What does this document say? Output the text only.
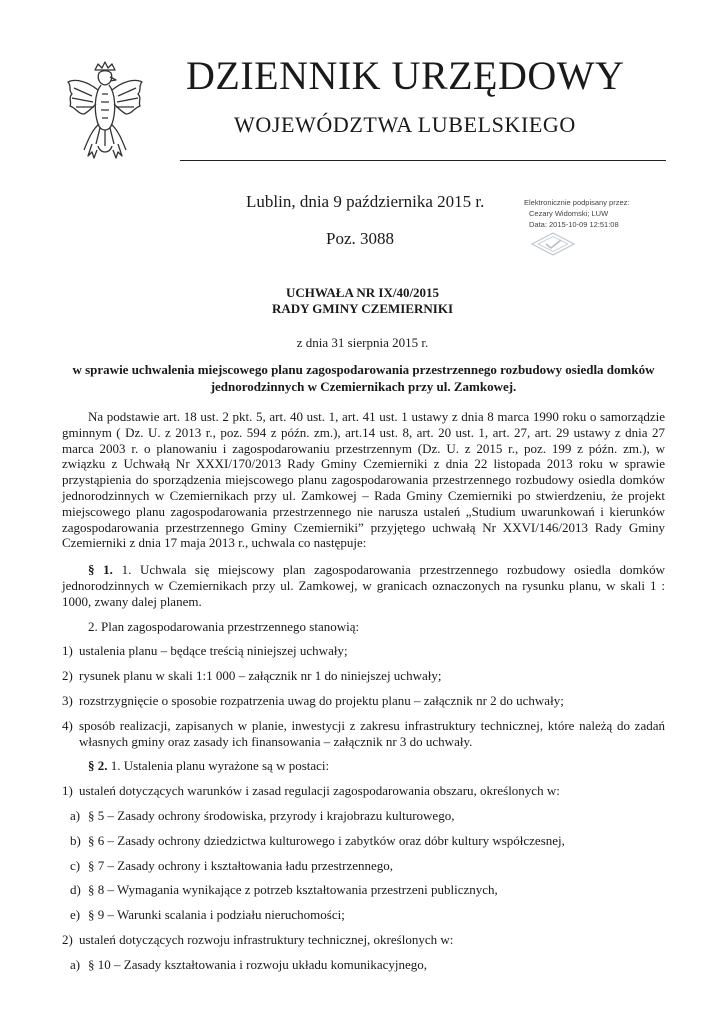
DZIENNIK URZĘDOWY
WOJEWÓDZTWA LUBELSKIEGO
Lublin, dnia 9 października 2015 r.
Poz. 3088
Elektronicznie podpisany przez:
Cezary Widomski; LUW
Data: 2015-10-09 12:51:08
UCHWAŁA NR IX/40/2015
RADY GMINY CZEMIERNIKI
z dnia 31 sierpnia 2015 r.
w sprawie uchwalenia miejscowego planu zagospodarowania przestrzennego rozbudowy osiedla domków jednorodzinnych w Czemiernikach przy ul. Zamkowej.

Na podstawie art. 18 ust. 2 pkt. 5, art. 40 ust. 1, art. 41 ust. 1 ustawy z dnia 8 marca 1990 roku o samorządzie gminnym ( Dz. U. z 2013 r., poz. 594 z późn. zm.), art.14 ust. 8, art. 20 ust. 1, art. 27, art. 29 ustawy z dnia 27 marca 2003 r. o planowaniu i zagospodarowaniu przestrzennym (Dz. U. z 2015 r., poz. 199 z późn. zm.), w związku z Uchwałą Nr XXXI/170/2013 Rady Gminy Czemierniki z dnia 22 listopada 2013 roku w sprawie przystąpienia do sporządzenia miejscowego planu zagospodarowania przestrzennego rozbudowy osiedla domków jednorodzinnych w Czemiernikach przy ul. Zamkowej – Rada Gminy Czemierniki po stwierdzeniu, że projekt miejscowego planu zagospodarowania przestrzennego nie narusza ustaleń „Studium uwarunkowań i kierunków zagospodarowania przestrzennego Gminy Czemierniki” przyjętego uchwałą Nr XXVI/146/2013 Rady Gminy Czemierniki z dnia 17 maja 2013 r., uchwala co następuje:

§ 1. 1. Uchwala się miejscowy plan zagospodarowania przestrzennego rozbudowy osiedla domków jednorodzinnych w Czemiernikach przy ul. Zamkowej, w granicach oznaczonych na rysunku planu, w skali 1 : 1000, zwany dalej planem.

2. Plan zagospodarowania przestrzennego stanowią:

1) ustalenia planu – będące treścią niniejszej uchwały;

2) rysunek planu w skali 1:1 000 – załącznik nr 1 do niniejszej uchwały;

3) rozstrzygnięcie o sposobie rozpatrzenia uwag do projektu planu – załącznik nr 2 do uchwały;

4) sposób realizacji, zapisanych w planie, inwestycji z zakresu infrastruktury technicznej, które należą do zadań własnych gminy oraz zasady ich finansowania – załącznik nr 3 do uchwały.

§ 2. 1. Ustalenia planu wyrażone są w postaci:

1) ustaleń dotyczących warunków i zasad regulacji zagospodarowania obszaru, określonych w:

a) § 5 – Zasady ochrony środowiska, przyrody i krajobrazu kulturowego,

b) § 6 – Zasady ochrony dziedzictwa kulturowego i zabytków oraz dóbr kultury współczesnej,

c) § 7 – Zasady ochrony i kształtowania ładu przestrzennego,

d) § 8 – Wymagania wynikające z potrzeb kształtowania przestrzeni publicznych,

e) § 9 – Warunki scalania i podziału nieruchomości;

2) ustaleń dotyczących rozwoju infrastruktury technicznej, określonych w:

a) § 10 – Zasady kształtowania i rozwoju układu komunikacyjnego,
